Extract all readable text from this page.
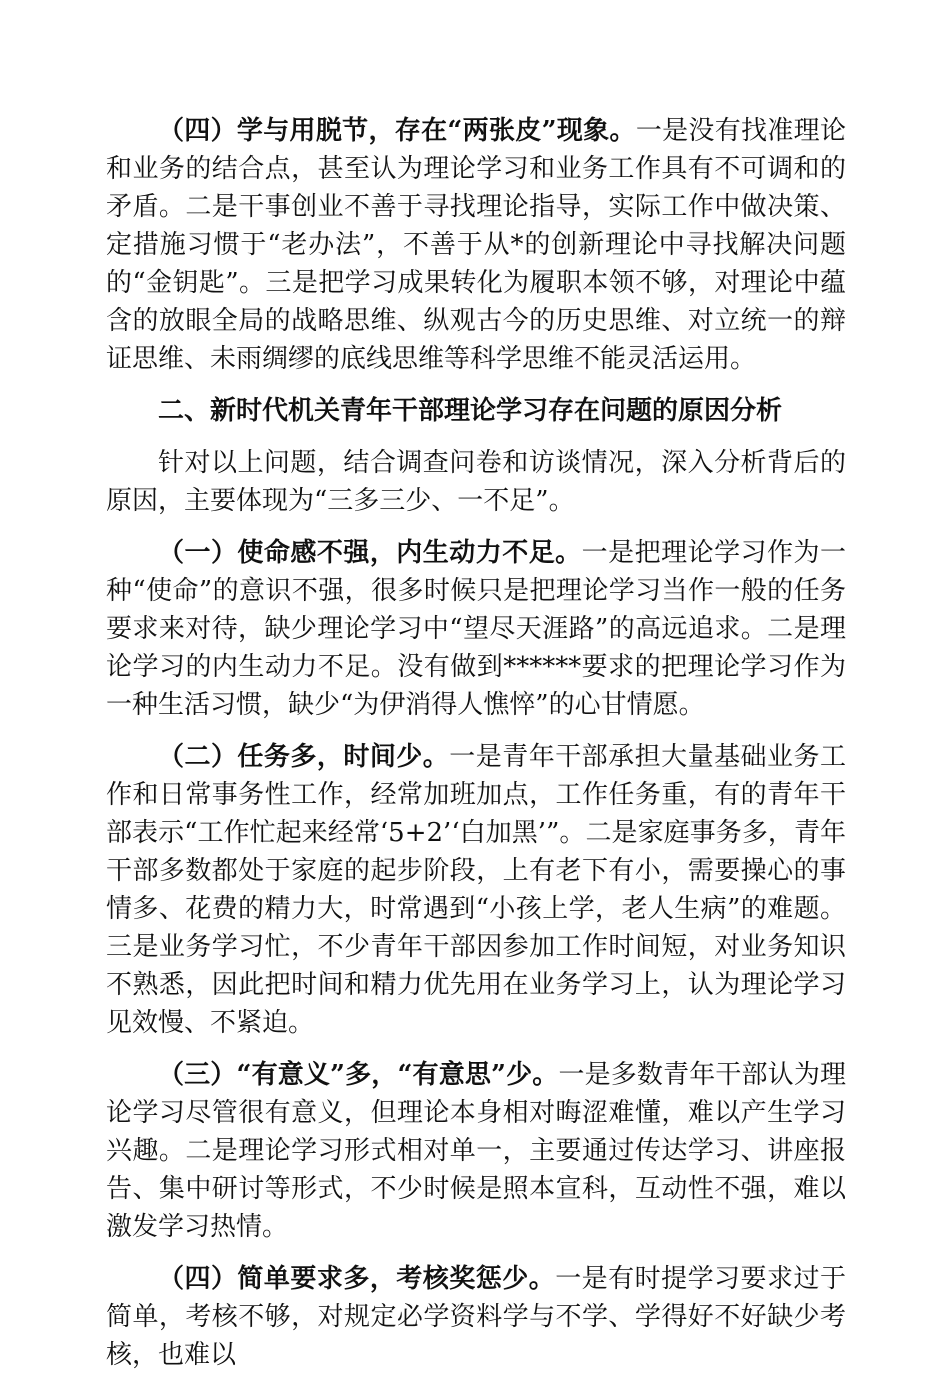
（四）学与用脱节，存在“两张皮”现象。一是没有找准理论和业务的结合点，甚至认为理论学习和业务工作具有不可调和的矛盾。二是干事创业不善于寻找理论指导，实际工作中做决策、定措施习惯于“老办法”，不善于从*的创新理论中寻找解决问题的“金钥匙”。三是把学习成果转化为履职本领不够，对理论中蕴含的放眼全局的战略思维、纵观古今的历史思维、对立统一的辩证思维、未雨绸缪的底线思维等科学思维不能灵活运用。

二、新时代机关青年干部理论学习存在问题的原因分析

针对以上问题，结合调查问卷和访谈情况，深入分析背后的原因，主要体现为“三多三少、一不足”。

（一）使命感不强，内生动力不足。一是把理论学习作为一种“使命”的意识不强，很多时候只是把理论学习当作一般的任务要求来对待，缺少理论学习中“望尽天涯路”的高远追求。二是理论学习的内生动力不足。没有做到******要求的把理论学习作为一种生活习惯，缺少“为伊消得人憔悴”的心甘情愿。

（二）任务多，时间少。一是青年干部承担大量基础业务工作和日常事务性工作，经常加班加点，工作任务重，有的青年干部表示“工作忙起来经常‘5+2’‘白加黑’”。二是家庭事务多，青年干部多数都处于家庭的起步阶段，上有老下有小，需要操心的事情多、花费的精力大，时常遇到“小孩上学，老人生病”的难题。三是业务学习忙，不少青年干部因参加工作时间短，对业务知识不熟悉，因此把时间和精力优先用在业务学习上，认为理论学习见效慢、不紧迫。

（三）“有意义”多，“有意思”少。一是多数青年干部认为理论学习尽管很有意义，但理论本身相对晦涩难懂，难以产生学习兴趣。二是理论学习形式相对单一，主要通过传达学习、讲座报告、集中研讨等形式，不少时候是照本宣科，互动性不强，难以激发学习热情。

（四）简单要求多，考核奖惩少。一是有时提学习要求过于简单，考核不够，对规定必学资料学与不学、学得好不好缺少考核，也难以
